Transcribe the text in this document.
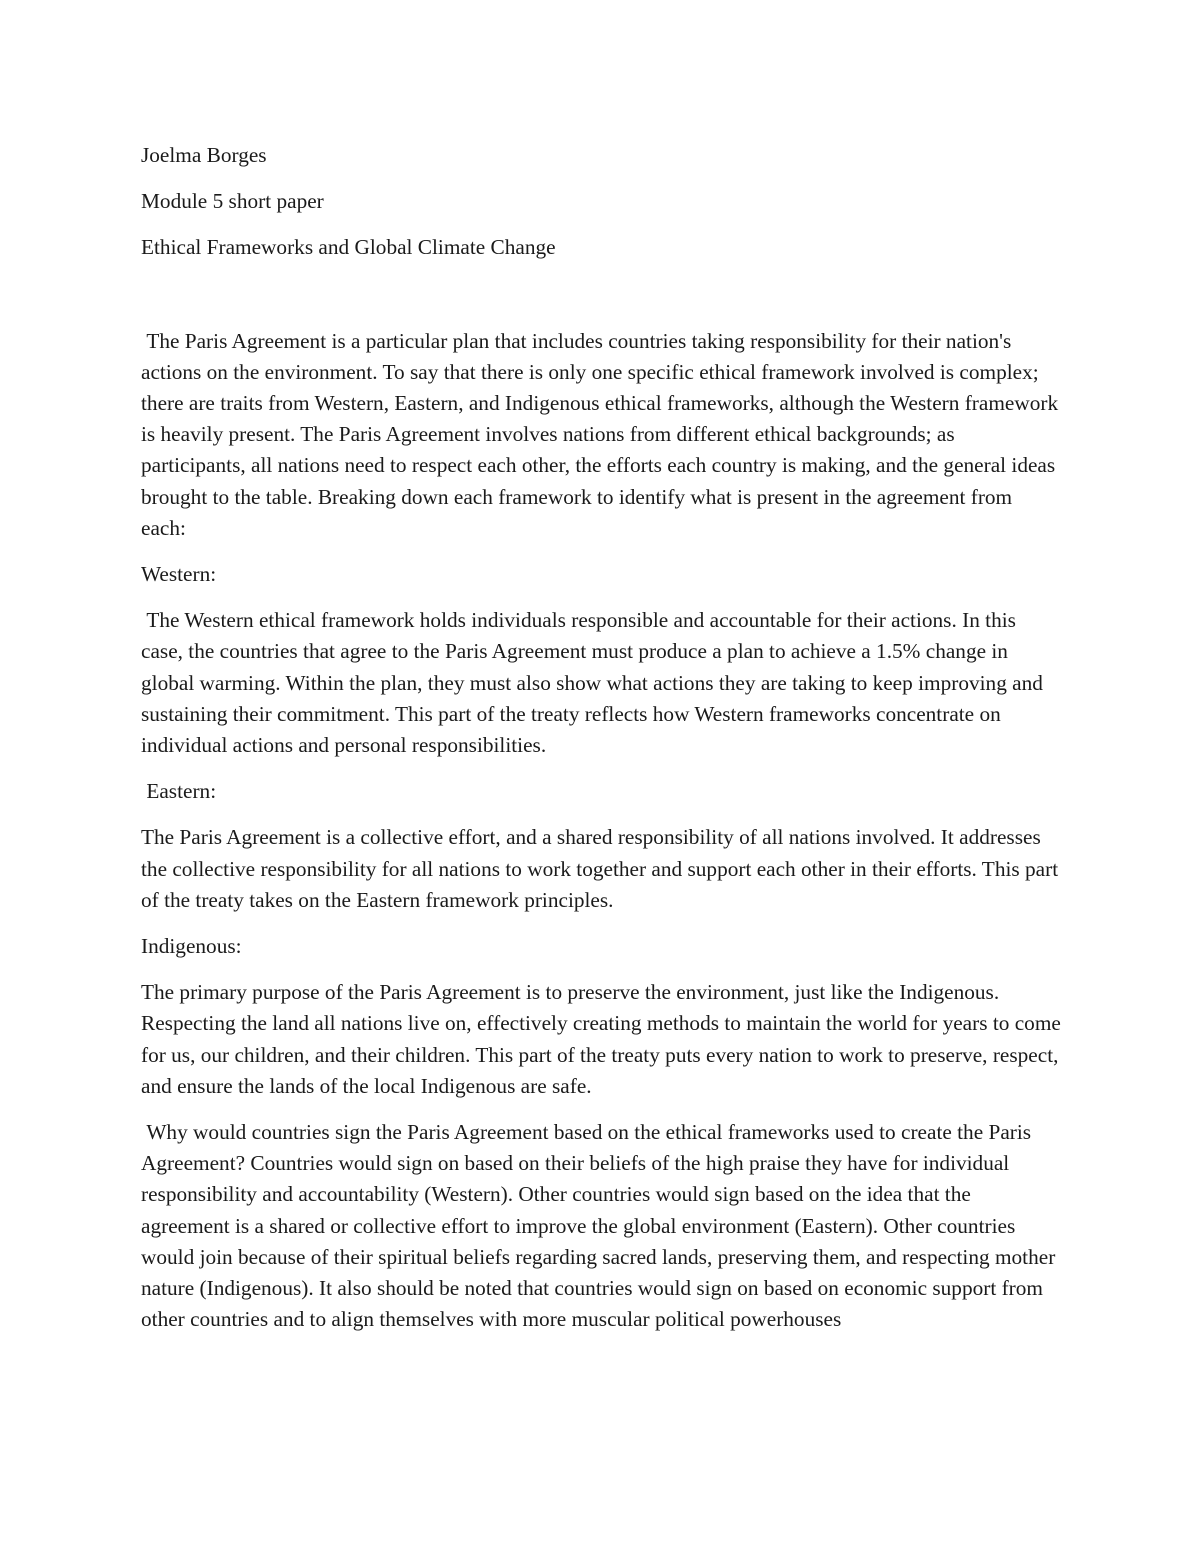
Joelma Borges
Module 5 short paper
Ethical Frameworks and Global Climate Change
The Paris Agreement is a particular plan that includes countries taking responsibility for their nation's actions on the environment. To say that there is only one specific ethical framework involved is complex; there are traits from Western, Eastern, and Indigenous ethical frameworks, although the Western framework is heavily present. The Paris Agreement involves nations from different ethical backgrounds; as participants, all nations need to respect each other, the efforts each country is making, and the general ideas brought to the table. Breaking down each framework to identify what is present in the agreement from each:
Western:
The Western ethical framework holds individuals responsible and accountable for their actions. In this case, the countries that agree to the Paris Agreement must produce a plan to achieve a 1.5% change in global warming. Within the plan, they must also show what actions they are taking to keep improving and sustaining their commitment. This part of the treaty reflects how Western frameworks concentrate on individual actions and personal responsibilities.
Eastern:
The Paris Agreement is a collective effort, and a shared responsibility of all nations involved. It addresses the collective responsibility for all nations to work together and support each other in their efforts. This part of the treaty takes on the Eastern framework principles.
Indigenous:
The primary purpose of the Paris Agreement is to preserve the environment, just like the Indigenous. Respecting the land all nations live on, effectively creating methods to maintain the world for years to come for us, our children, and their children. This part of the treaty puts every nation to work to preserve, respect, and ensure the lands of the local Indigenous are safe.
Why would countries sign the Paris Agreement based on the ethical frameworks used to create the Paris Agreement? Countries would sign on based on their beliefs of the high praise they have for individual responsibility and accountability (Western). Other countries would sign based on the idea that the agreement is a shared or collective effort to improve the global environment (Eastern). Other countries would join because of their spiritual beliefs regarding sacred lands, preserving them, and respecting mother nature (Indigenous). It also should be noted that countries would sign on based on economic support from other countries and to align themselves with more muscular political powerhouses
